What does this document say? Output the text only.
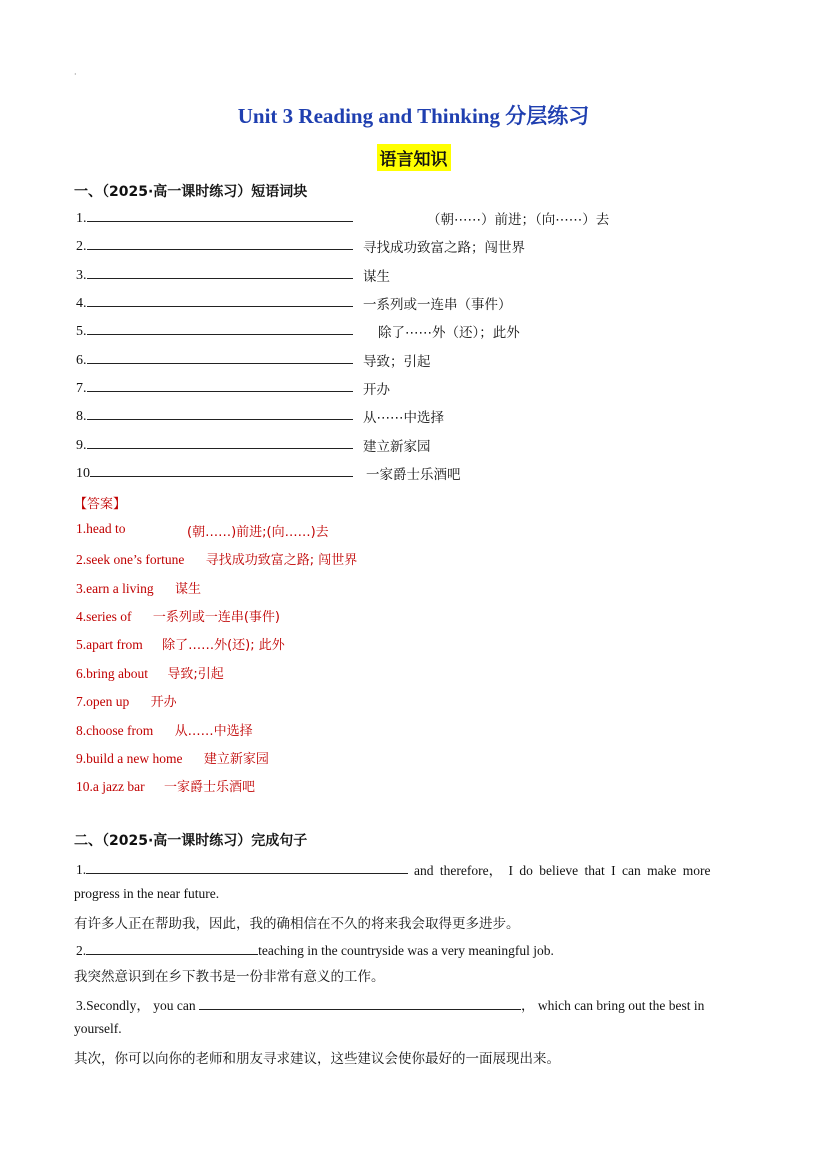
·
Unit 3 Reading and Thinking 分层练习
语言知识
一、（2025·高一课时练习）短语词块
1.	（朝⋯⋯）前进；（向⋯⋯）去
2.	寻找成功致富之路；闯世界
3.	谋生
4.	一系列或一连串（事件）
5.	除了⋯⋯外（还）；此外
6.	导致；引起
7.	开办
8.	从⋯⋯中选择
9.	建立新家园
10	一家爵士乐酒吧
【答案】
1.head to	(朝……)前进;(向……)去
2.seek one’s fortune 寻找成功致富之路; 闯世界
3.earn a living 谋生
4.series of 一系列或一连串(事件)
5.apart from 除了……外(还); 此外
6.bring about 导致;引起
7.open up 开办
8.choose from 从……中选择
9.build a new home 建立新家园
10.a jazz bar 一家爵士乐酒吧
二、（2025·高一课时练习）完成句子
1.	and therefore， I do believe that I can make more
progress in the near future.
有许多人正在帮助我，因此，我的确相信在不久的将来我会取得更多进步。
2.	teaching in the countryside was a very meaningful job.
我突然意识到在乡下教书是一份非常有意义的工作。
3.Secondly， you can	， which can bring out the best in
yourself.
其次，你可以向你的老师和朋友寻求建议，这些建议会使你最好的一面展现出来。
